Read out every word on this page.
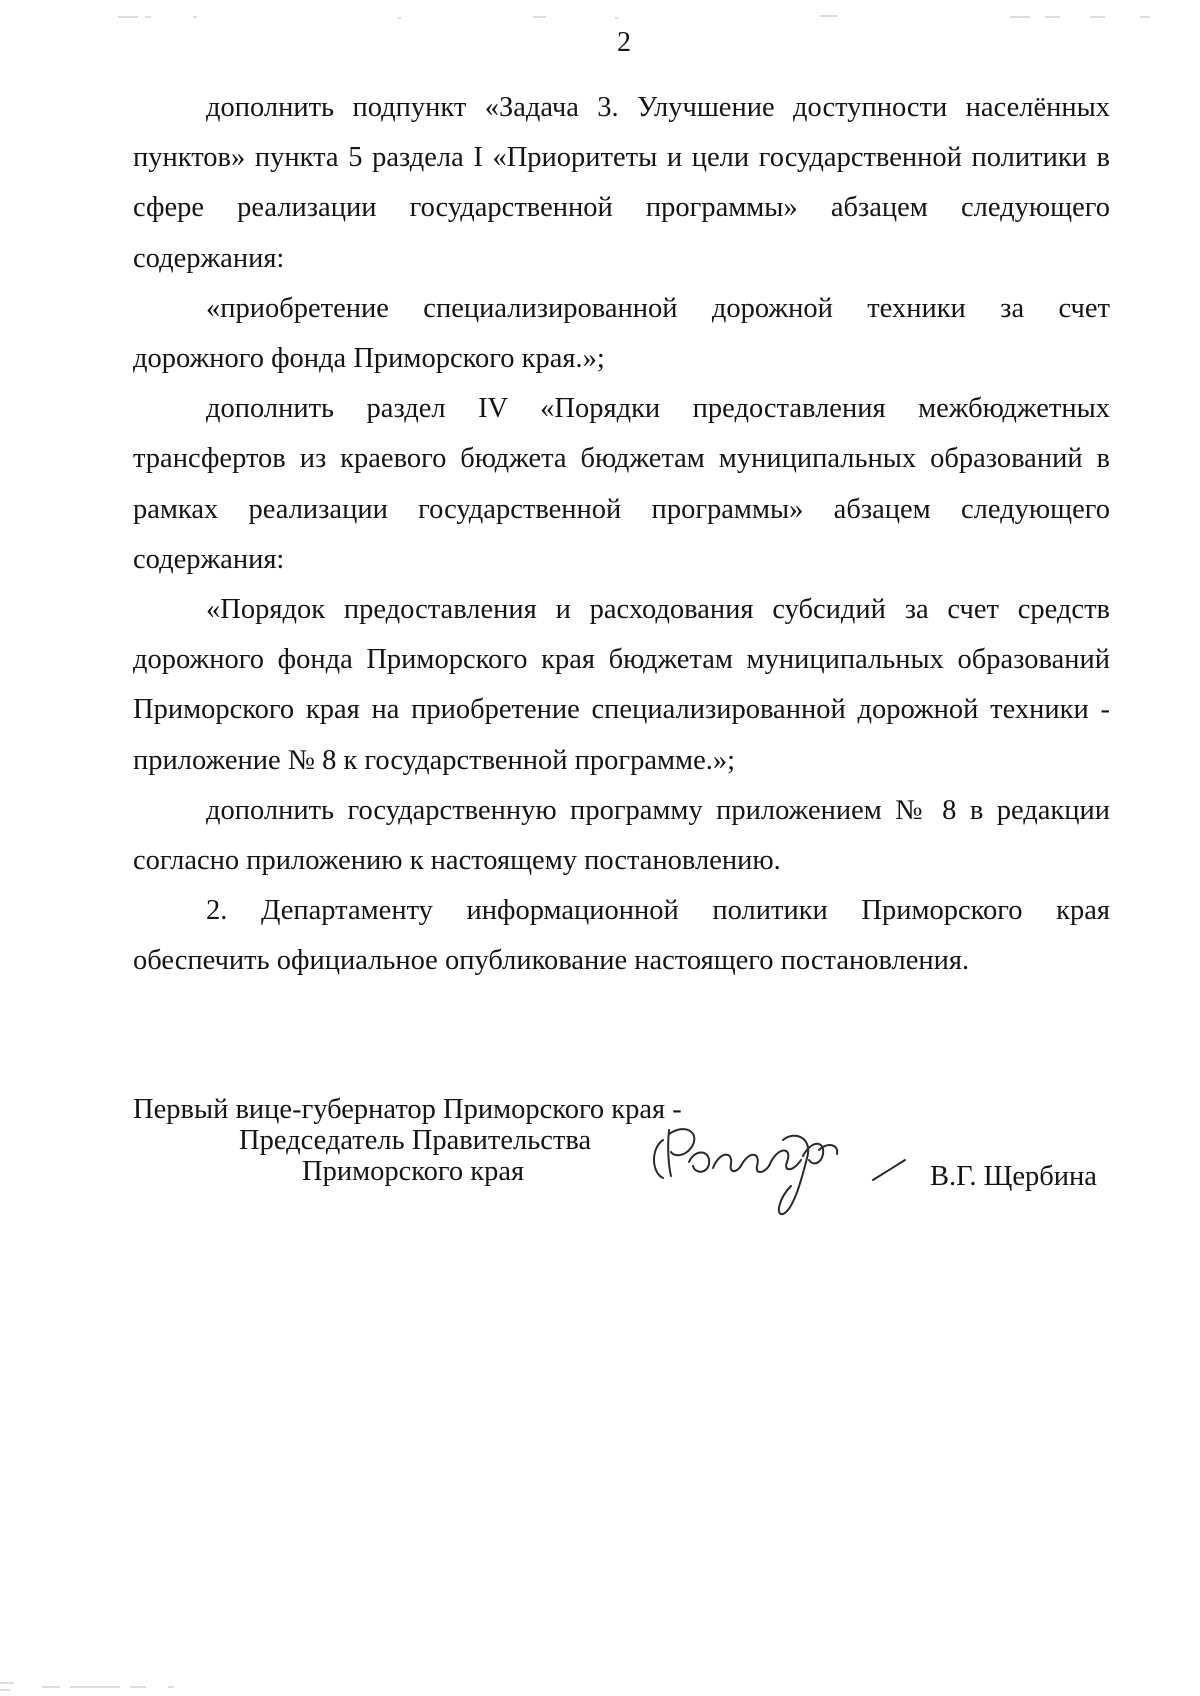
2

дополнить подпункт «Задача 3. Улучшение доступности населённых пунктов» пункта 5 раздела I «Приоритеты и цели государственной политики в сфере реализации государственной программы» абзацем следующего содержания:

«приобретение специализированной дорожной техники за счет дорожного фонда Приморского края.»;

дополнить раздел IV «Порядки предоставления межбюджетных трансфертов из краевого бюджета бюджетам муниципальных образований в рамках реализации государственной программы» абзацем следующего содержания:

«Порядок предоставления и расходования субсидий за счет средств дорожного фонда Приморского края бюджетам муниципальных образований Приморского края на приобретение специализированной дорожной техники - приложение № 8 к государственной программе.»;

дополнить государственную программу приложением № 8 в редакции согласно приложению к настоящему постановлению.

2. Департаменту информационной политики Приморского края обеспечить официальное опубликование настоящего постановления.

Первый вице-губернатор Приморского края -
Председатель Правительства
Приморского края	В.Г. Щербина
